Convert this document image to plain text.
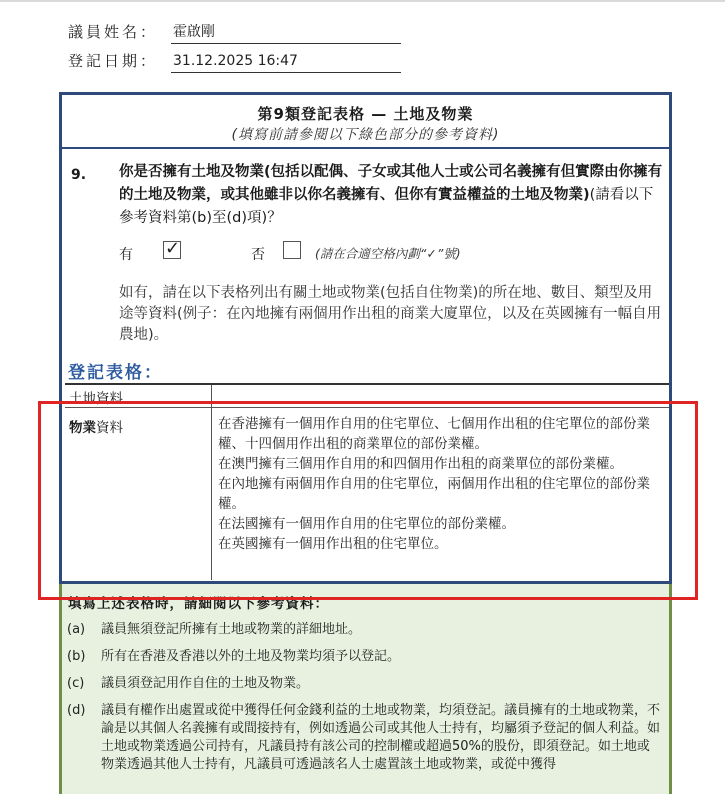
議員姓名： 霍啟剛
登記日期： 31.12.2025 16:47
第9類登記表格 — 土地及物業
(填寫前請參閱以下綠色部分的參考資料)
9. 你是否擁有土地及物業(包括以配偶、子女或其他人士或公司名義擁有但實際由你擁有的土地及物業，或其他雖非以你名義擁有、但你有實益權益的土地及物業)(請看以下參考資料第(b)至(d)項)？
有 ✓	否	(請在合適空格內劃“✓”號)
如有，請在以下表格列出有關土地或物業(包括自住物業)的所在地、數目、類型及用途等資料(例子：在內地擁有兩個用作出租的商業大廈單位，以及在英國擁有一幅自用農地)。
登記表格：
土地資料
物業資料	在香港擁有一個用作自用的住宅單位、七個用作出租的住宅單位的部份業權、十四個用作出租的商業單位的部份業權。
在澳門擁有三個用作自用的和四個用作出租的商業單位的部份業權。
在內地擁有兩個用作自用的住宅單位，兩個用作出租的住宅單位的部份業權。
在法國擁有一個用作自用的住宅單位的部份業權。
在英國擁有一個用作出租的住宅單位。
填寫上述表格時，請細閱以下參考資料：
(a) 議員無須登記所擁有土地或物業的詳細地址。
(b) 所有在香港及香港以外的土地及物業均須予以登記。
(c) 議員須登記用作自住的土地及物業。
(d) 議員有權作出處置或從中獲得任何金錢利益的土地或物業，均須登記。議員擁有的土地或物業，不論是以其個人名義擁有或間接持有，例如透過公司或其他人士持有，均屬須予登記的個人利益。如土地或物業透過公司持有，凡議員持有該公司的控制權或超過50%的股份，即須登記。如土地或物業透過其他人士持有，凡議員可透過該名人士處置該土地或物業，或從中獲得
